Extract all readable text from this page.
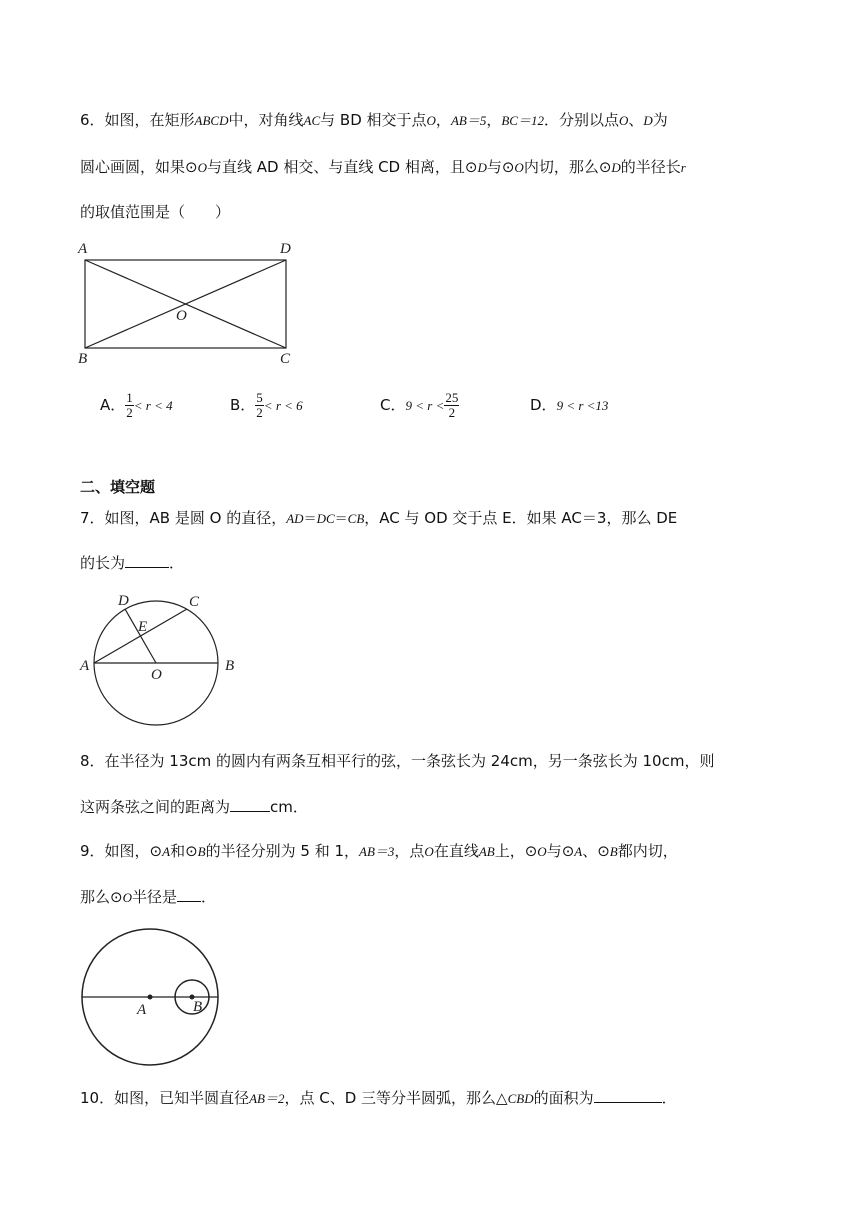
6．如图，在矩形ABCD中，对角线AC与 BD 相交于点O，AB＝5，BC＝12．分别以点O、D为
圆心画圆，如果⊙O与直线 AD 相交、与直线 CD 相离，且⊙D与⊙O内切，那么⊙D的半径长r
的取值范围是（　　）
A	D
B	C
O
A． $\frac{1}{2} < r < 4$	B． $\frac{5}{2} < r < 6$	C．$9 < r < \frac{25}{2}$	D．9 < r <13
二、填空题
7．如图，AB 是圆 O 的直径，AD＝DC＝CB，AC 与 OD 交于点 E．如果 AC＝3，那么 DE
的长为	．
A	B
C
D
E
O
8．在半径为 13cm 的圆内有两条互相平行的弦，一条弦长为 24cm，另一条弦长为 10cm，则
这两条弦之间的距离为	cm．
9．如图，⊙A和⊙B的半径分别为 5 和 1，AB＝3，点O在直线AB上，⊙O与⊙A、⊙B都内切，
那么⊙O半径是 ．
A	B
10．如图，已知半圆直径AB＝2，点 C、D 三等分半圆弧，那么△CBD的面积为	．
